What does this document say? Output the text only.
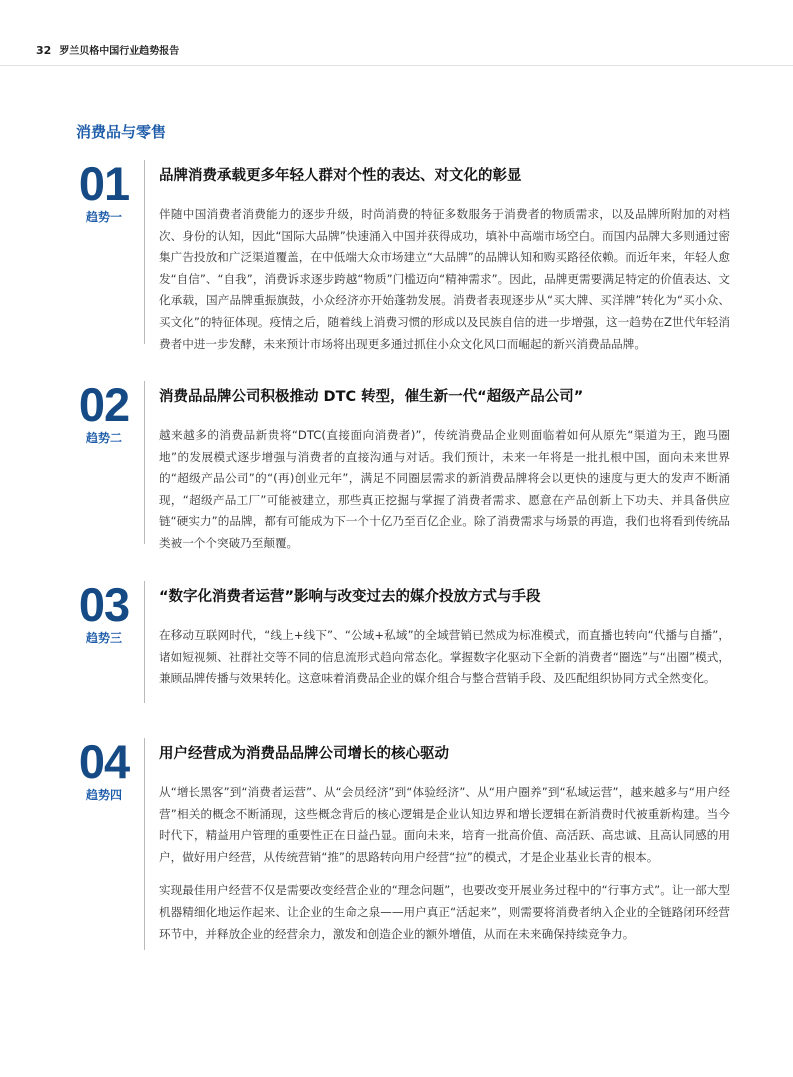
32 罗兰贝格中国行业趋势报告
消费品与零售
01
趋势一
品牌消费承载更多年轻人群对个性的表达、对文化的彰显

伴随中国消费者消费能力的逐步升级，时尚消费的特征多数服务于消费者的物质需求，以及品牌所附加的对档次、身份的认知，因此“国际大品牌”快速涌入中国并获得成功，填补中高端市场空白。而国内品牌大多则通过密集广告投放和广泛渠道覆盖，在中低端大众市场建立“大品牌”的品牌认知和购买路径依赖。而近年来，年轻人愈发“自信”、“自我”，消费诉求逐步跨越“物质”门槛迈向“精神需求”。因此，品牌更需要满足特定的价值表达、文化承载，国产品牌重振旗鼓，小众经济亦开始蓬勃发展。消费者表现逐步从“买大牌、买洋牌”转化为“买小众、买文化”的特征体现。疫情之后，随着线上消费习惯的形成以及民族自信的进一步增强，这一趋势在Z世代年轻消费者中进一步发酵，未来预计市场将出现更多通过抓住小众文化风口而崛起的新兴消费品品牌。

02
趋势二
消费品品牌公司积极推动 DTC 转型，催生新一代“超级产品公司”

越来越多的消费品新贵将“DTC(直接面向消费者)”，传统消费品企业则面临着如何从原先“渠道为王，跑马圈地”的发展模式逐步增强与消费者的直接沟通与对话。我们预计，未来一年将是一批扎根中国，面向未来世界的“超级产品公司”的“(再)创业元年”，满足不同圈层需求的新消费品牌将会以更快的速度与更大的发声不断涌现，“超级产品工厂”可能被建立，那些真正挖掘与掌握了消费者需求、愿意在产品创新上下功夫、并具备供应链“硬实力”的品牌，都有可能成为下一个十亿乃至百亿企业。除了消费需求与场景的再造，我们也将看到传统品类被一个个突破乃至颠覆。

03
趋势三
“数字化消费者运营”影响与改变过去的媒介投放方式与手段

在移动互联网时代，“线上+线下”、“公域+私域”的全域营销已然成为标准模式，而直播也转向“代播与自播”，诸如短视频、社群社交等不同的信息流形式趋向常态化。掌握数字化驱动下全新的消费者“圈选”与“出圈”模式，兼顾品牌传播与效果转化。这意味着消费品企业的媒介组合与整合营销手段、及匹配组织协同方式全然变化。

04
趋势四
用户经营成为消费品品牌公司增长的核心驱动

从“增长黑客”到“消费者运营”、从“会员经济”到“体验经济”、从“用户圈养”到“私域运营”，越来越多与“用户经营”相关的概念不断涌现，这些概念背后的核心逻辑是企业认知边界和增长逻辑在新消费时代被重新构建。当今时代下，精益用户管理的重要性正在日益凸显。面向未来，培育一批高价值、高活跃、高忠诚、且高认同感的用户，做好用户经营，从传统营销“推”的思路转向用户经营“拉”的模式，才是企业基业长青的根本。

实现最佳用户经营不仅是需要改变经营企业的“理念问题”，也要改变开展业务过程中的“行事方式”。让一部大型机器精细化地运作起来、让企业的生命之泉——用户真正“活起来”，则需要将消费者纳入企业的全链路闭环经营环节中，并释放企业的经营余力，激发和创造企业的额外增值，从而在未来确保持续竞争力。
